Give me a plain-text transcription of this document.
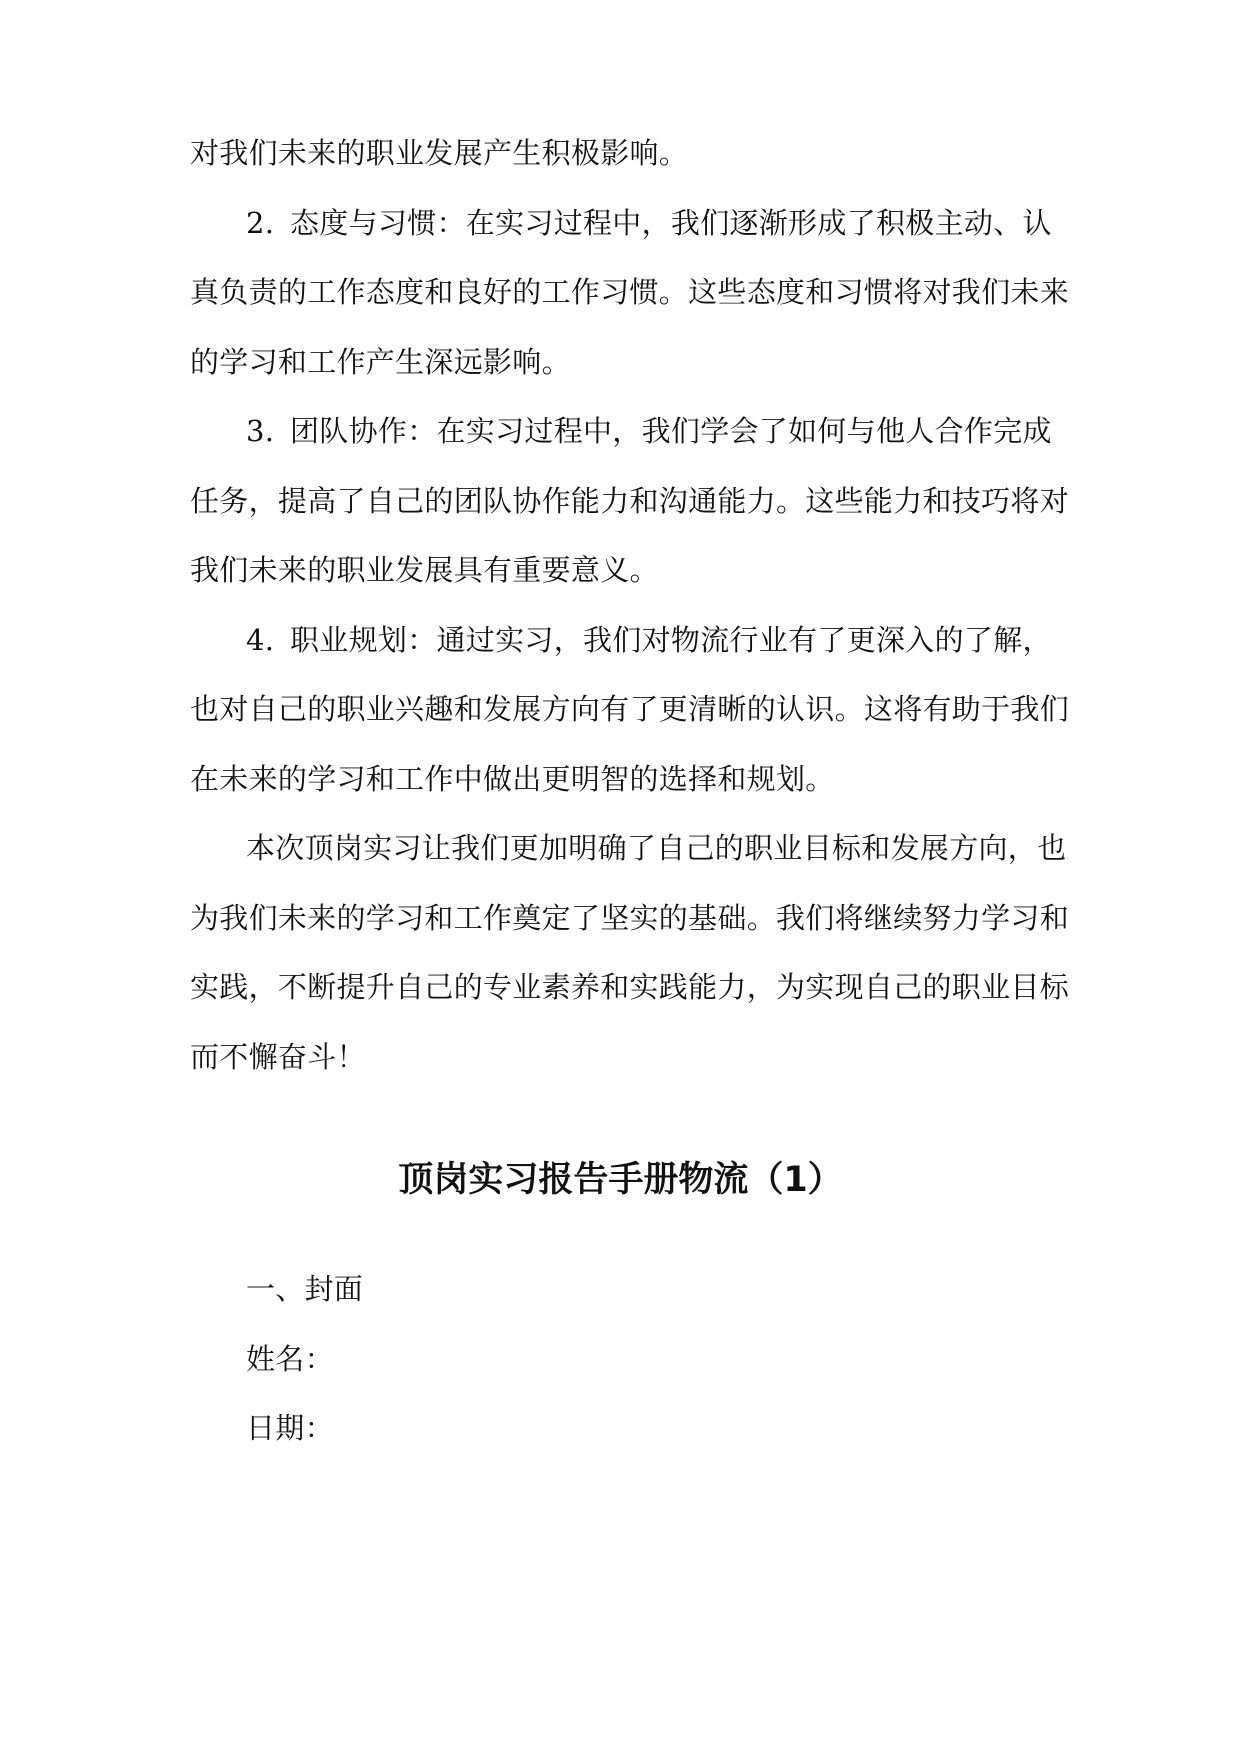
对我们未来的职业发展产生积极影响。
2. 态度与习惯：在实习过程中，我们逐渐形成了积极主动、认
真负责的工作态度和良好的工作习惯。这些态度和习惯将对我们未来
的学习和工作产生深远影响。
3. 团队协作：在实习过程中，我们学会了如何与他人合作完成
任务，提高了自己的团队协作能力和沟通能力。这些能力和技巧将对
我们未来的职业发展具有重要意义。
4. 职业规划：通过实习，我们对物流行业有了更深入的了解，
也对自己的职业兴趣和发展方向有了更清晰的认识。这将有助于我们
在未来的学习和工作中做出更明智的选择和规划。
本次顶岗实习让我们更加明确了自己的职业目标和发展方向，也
为我们未来的学习和工作奠定了坚实的基础。我们将继续努力学习和
实践，不断提升自己的专业素养和实践能力，为实现自己的职业目标
而不懈奋斗！
顶岗实习报告手册物流（1）
一、封面
姓名：
日期：
